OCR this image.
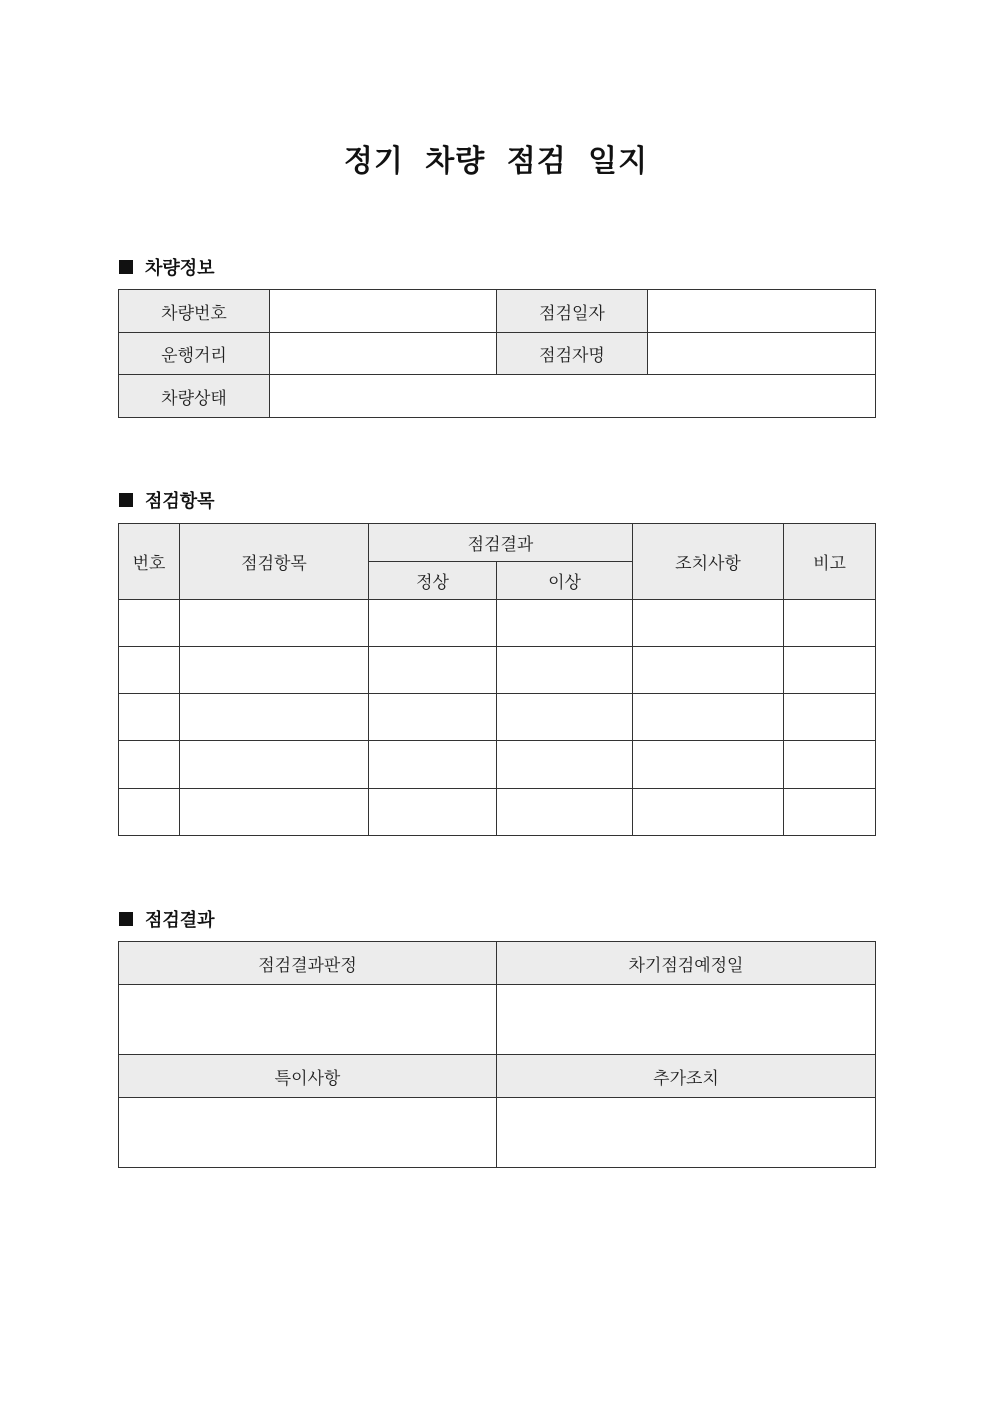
정기 차량 점검 일지
차량정보
차량번호		점검일자	
운행거리		점검자명	
차량상태			
점검항목
번호	점검항목	점검결과		조치사항	비고
		정상	이상		

점검결과
점검결과판정	차기점검예정일

특이사항	추가조치
